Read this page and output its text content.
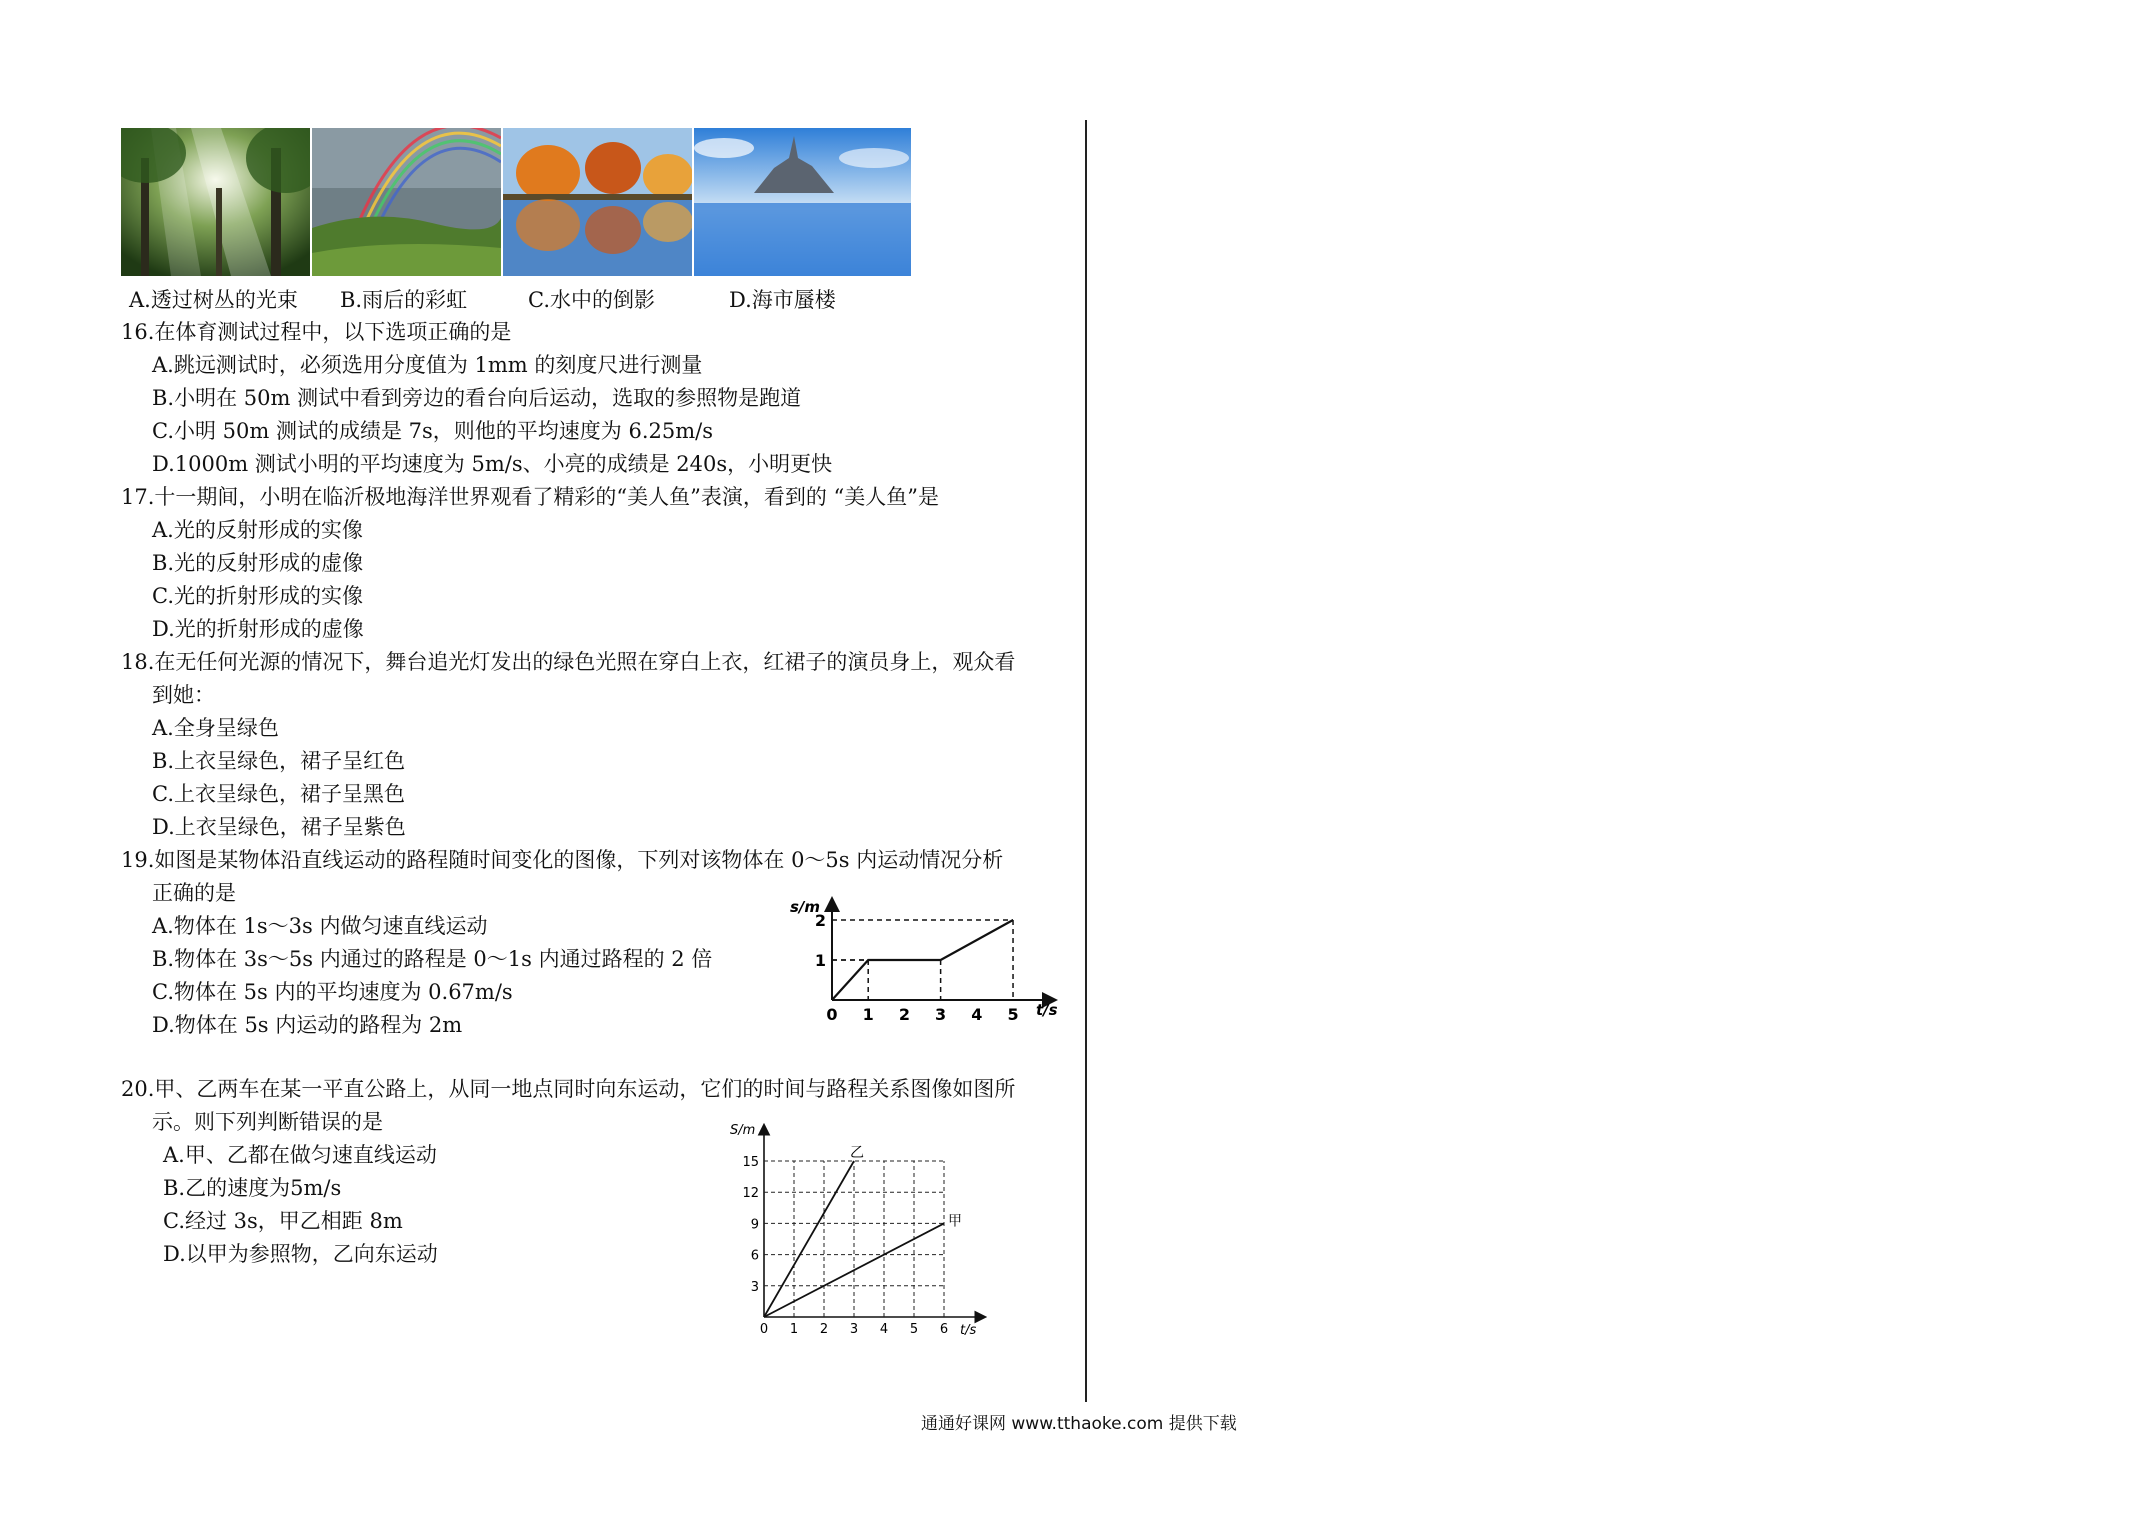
A.透过树丛的光束 B.雨后的彩虹	C.水中的倒影	D.海市蜃楼
16.在体育测试过程中，以下选项正确的是
A.跳远测试时，必须选用分度值为 1mm 的刻度尺进行测量
B.小明在 50m 测试中看到旁边的看台向后运动，选取的参照物是跑道
C.小明 50m 测试的成绩是 7s，则他的平均速度为 6.25m/s
D.1000m 测试小明的平均速度为 5m/s、小亮的成绩是 240s，小明更快
17.十一期间，小明在临沂极地海洋世界观看了精彩的“美人鱼”表演，看到的 “美人鱼”是
A.光的反射形成的实像
B.光的反射形成的虚像
C.光的折射形成的实像
D.光的折射形成的虚像
18.在无任何光源的情况下，舞台追光灯发出的绿色光照在穿白上衣，红裙子的演员身上，观众看
到她：
A.全身呈绿色
B.上衣呈绿色，裙子呈红色
C.上衣呈绿色，裙子呈黑色
D.上衣呈绿色，裙子呈紫色
19.如图是某物体沿直线运动的路程随时间变化的图像，下列对该物体在 0～5s 内运动情况分析
正确的是
A.物体在 1s～3s 内做匀速直线运动
B.物体在 3s～5s 内通过的路程是 0～1s 内通过路程的 2 倍
C.物体在 5s 内的平均速度为 0.67m/s
D.物体在 5s 内运动的路程为 2m	0 1 2 3 4 5
1
2
s/m
t/s
20.甲、乙两车在某一平直公路上，从同一地点同时向东运动，它们的时间与路程关系图像如图所
示。则下列判断错误的是
A.甲、乙都在做匀速直线运动
B.乙的速度为5m/s
C.经过 3s，甲乙相距 8m
D.以甲为参照物，乙向东运动
乙
甲
0 1 2 3 4 5 6
3
6
9
12
15
S/m
t/s
通通好课网 www.tthaoke.com 提供下载
